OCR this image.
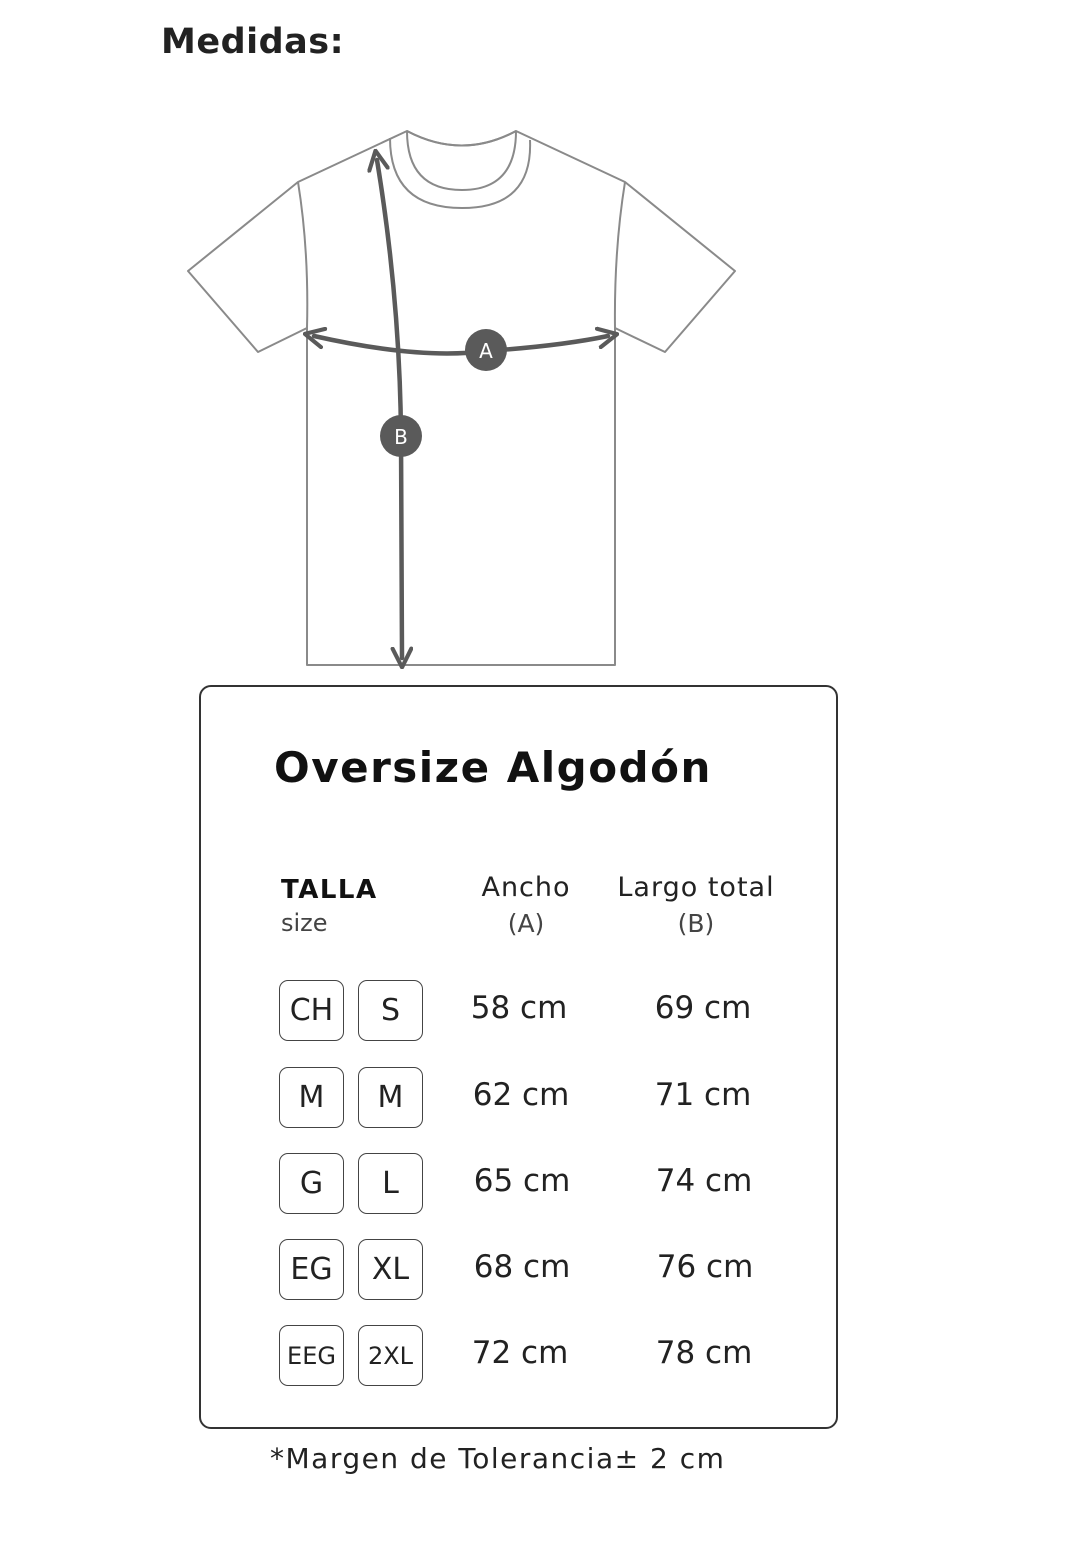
Medidas:
A
B
Oversize Algodón
TALLA
size
Ancho
(A)
Largo total
(B)
CH	S	58 cm	69 cm
M	M	62 cm	71 cm
G	L	65 cm	74 cm
EG	XL	68 cm	76 cm
EEG	2XL	72 cm	78 cm
*Margen de Tolerancia± 2 cm
